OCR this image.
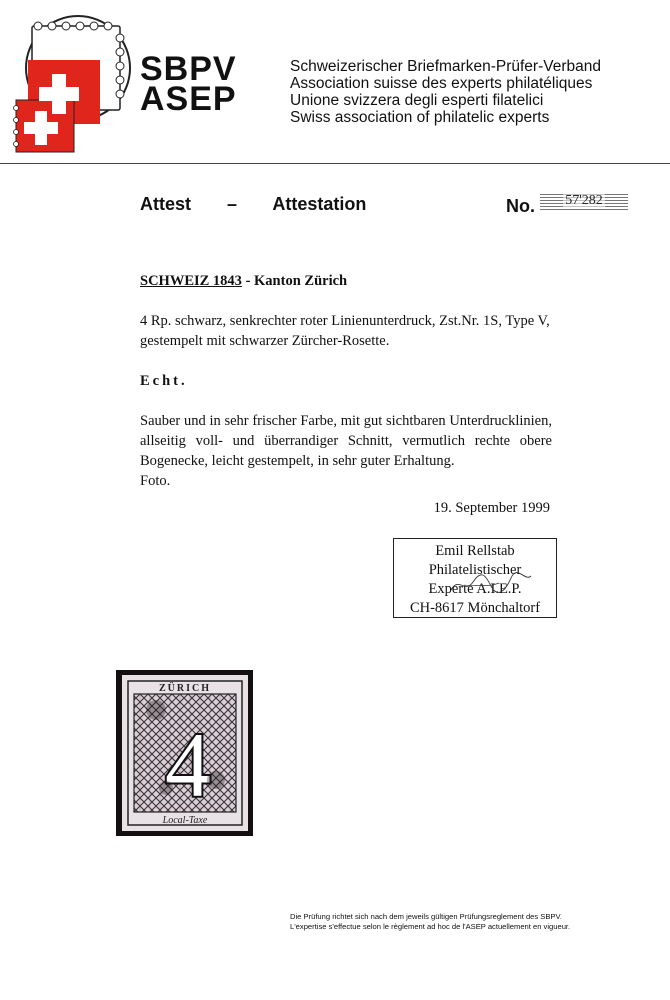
SBPV
ASEP
Schweizerischer Briefmarken-Prüfer-Verband
Association suisse des experts philatéliques
Unione svizzera degli esperti filatelici
Swiss association of philatelic experts
Attest – Attestation	No.	57'282
SCHWEIZ 1843 - Kanton Zürich
4 Rp. schwarz, senkrechter roter Linienunterdruck, Zst.Nr. 1S, Type V, gestempelt mit schwarzer Zürcher-Rosette.
Echt.
Sauber und in sehr frischer Farbe, mit gut sichtbaren Unterdrucklinien, allseitig voll- und überrandiger Schnitt, vermutlich rechte obere Bogenecke, leicht gestempelt, in sehr guter Erhaltung.
Foto.
19. September 1999
Emil Rellstab
Philatelistischer
Experte A.I.E.P.
CH-8617 Mönchaltorf
ZÜRICH
4
Local-Taxe
Die Prüfung richtet sich nach dem jeweils gültigen Prüfungsreglement des SBPV.
L'expertise s'effectue selon le règlement ad hoc de l'ASEP actuellement en vigueur.
